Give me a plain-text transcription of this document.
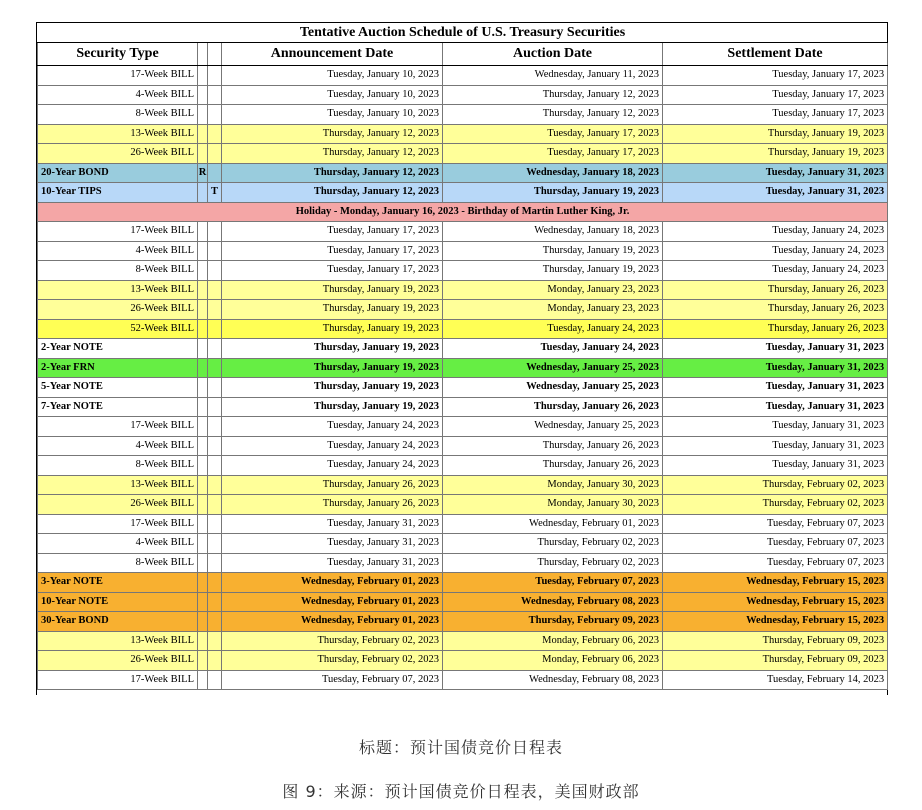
Tentative Auction Schedule of U.S. Treasury Securities					
Security Type			Announcement Date	Auction Date	Settlement Date
17-Week BILL			Tuesday, January 10, 2023	Wednesday, January 11, 2023	Tuesday, January 17, 2023
4-Week BILL			Tuesday, January 10, 2023	Thursday, January 12, 2023	Tuesday, January 17, 2023
8-Week BILL			Tuesday, January 10, 2023	Thursday, January 12, 2023	Tuesday, January 17, 2023
13-Week BILL			Thursday, January 12, 2023	Tuesday, January 17, 2023	Thursday, January 19, 2023
26-Week BILL			Thursday, January 12, 2023	Tuesday, January 17, 2023	Thursday, January 19, 2023
20-Year BOND	R		Thursday, January 12, 2023	Wednesday, January 18, 2023	Tuesday, January 31, 2023
10-Year TIPS		T	Thursday, January 12, 2023	Thursday, January 19, 2023	Tuesday, January 31, 2023
Holiday - Monday, January 16, 2023 - Birthday of Martin Luther King, Jr.					
17-Week BILL			Tuesday, January 17, 2023	Wednesday, January 18, 2023	Tuesday, January 24, 2023
4-Week BILL			Tuesday, January 17, 2023	Thursday, January 19, 2023	Tuesday, January 24, 2023
8-Week BILL			Tuesday, January 17, 2023	Thursday, January 19, 2023	Tuesday, January 24, 2023
13-Week BILL			Thursday, January 19, 2023	Monday, January 23, 2023	Thursday, January 26, 2023
26-Week BILL			Thursday, January 19, 2023	Monday, January 23, 2023	Thursday, January 26, 2023
52-Week BILL			Thursday, January 19, 2023	Tuesday, January 24, 2023	Thursday, January 26, 2023
2-Year NOTE			Thursday, January 19, 2023	Tuesday, January 24, 2023	Tuesday, January 31, 2023
2-Year FRN			Thursday, January 19, 2023	Wednesday, January 25, 2023	Tuesday, January 31, 2023
5-Year NOTE			Thursday, January 19, 2023	Wednesday, January 25, 2023	Tuesday, January 31, 2023
7-Year NOTE			Thursday, January 19, 2023	Thursday, January 26, 2023	Tuesday, January 31, 2023
17-Week BILL			Tuesday, January 24, 2023	Wednesday, January 25, 2023	Tuesday, January 31, 2023
4-Week BILL			Tuesday, January 24, 2023	Thursday, January 26, 2023	Tuesday, January 31, 2023
8-Week BILL			Tuesday, January 24, 2023	Thursday, January 26, 2023	Tuesday, January 31, 2023
13-Week BILL			Thursday, January 26, 2023	Monday, January 30, 2023	Thursday, February 02, 2023
26-Week BILL			Thursday, January 26, 2023	Monday, January 30, 2023	Thursday, February 02, 2023
17-Week BILL			Tuesday, January 31, 2023	Wednesday, February 01, 2023	Tuesday, February 07, 2023
4-Week BILL			Tuesday, January 31, 2023	Thursday, February 02, 2023	Tuesday, February 07, 2023
8-Week BILL			Tuesday, January 31, 2023	Thursday, February 02, 2023	Tuesday, February 07, 2023
3-Year NOTE			Wednesday, February 01, 2023	Tuesday, February 07, 2023	Wednesday, February 15, 2023
10-Year NOTE			Wednesday, February 01, 2023	Wednesday, February 08, 2023	Wednesday, February 15, 2023
30-Year BOND			Wednesday, February 01, 2023	Thursday, February 09, 2023	Wednesday, February 15, 2023
13-Week BILL			Thursday, February 02, 2023	Monday, February 06, 2023	Thursday, February 09, 2023
26-Week BILL			Thursday, February 02, 2023	Monday, February 06, 2023	Thursday, February 09, 2023
17-Week BILL			Tuesday, February 07, 2023	Wednesday, February 08, 2023	Tuesday, February 14, 2023
标题：预计国债竞价日程表
图 9：来源：预计国债竞价日程表，美国财政部
